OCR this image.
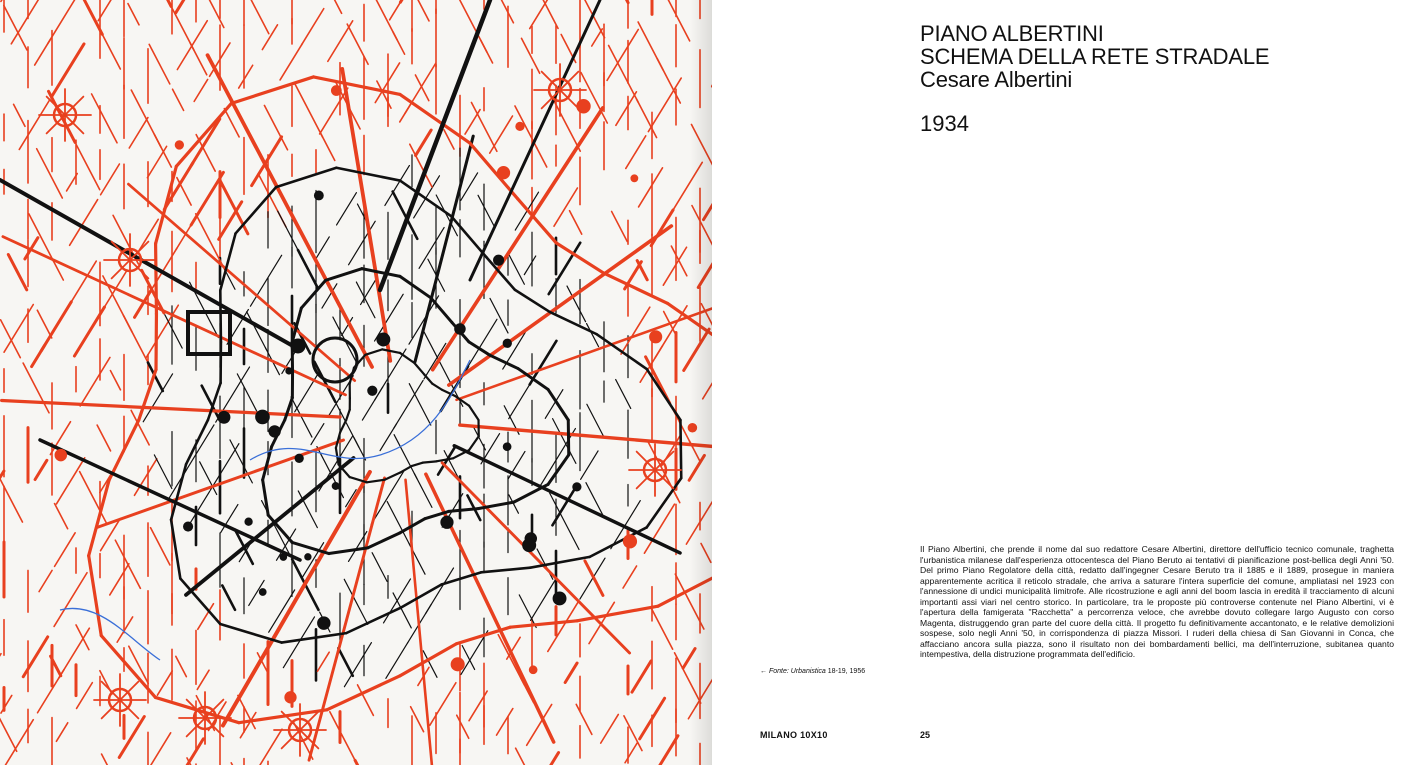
PIANO ALBERTINI
SCHEMA DELLA RETE STRADALE
Cesare Albertini
1934
Il Piano Albertini, che prende il nome dal suo redattore Cesare Albertini, direttore dell'ufficio tecnico comunale, traghetta l'urbanistica milanese dall'esperienza ottocentesca del Piano Beruto ai tentativi di pianificazione post-bellica degli Anni '50. Del primo Piano Regolatore della città, redatto dall'ingegner Cesare Beruto tra il 1885 e il 1889, prosegue in maniera apparentemente acritica il reticolo stradale, che arriva a saturare l'intera superficie del comune, ampliatasi nel 1923 con l'annessione di undici municipalità limitrofe. Alle ricostruzione e agli anni del boom lascia in eredità il tracciamento di alcuni importanti assi viari nel centro storico. In particolare, tra le proposte più controverse contenute nel Piano Albertini, vi è l'apertura della famigerata "Racchetta" a percorrenza veloce, che avrebbe dovuto collegare largo Augusto con corso Magenta, distruggendo gran parte del cuore della città. Il progetto fu definitivamente accantonato, e le relative demolizioni sospese, solo negli Anni '50, in corrispondenza di piazza Missori. I ruderi della chiesa di San Giovanni in Conca, che affacciano ancora sulla piazza, sono il risultato non dei bombardamenti bellici, ma dell'interruzione, subitanea quanto intempestiva, della distruzione programmata dell'edificio.
← Fonte: Urbanistica 18-19, 1956
MILANO 10X10	25
